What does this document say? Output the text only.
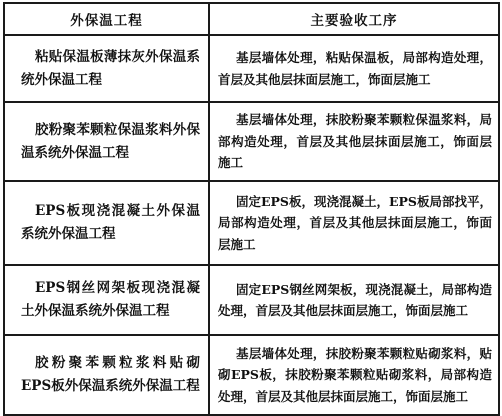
外保温工程	主要验收工序
粘贴保温板薄抹灰外保温系统外保温工程	基层墙体处理，粘贴保温板，局部构造处理，首层及其他层抹面层施工，饰面层施工
胶粉聚苯颗粒保温浆料外保温系统外保温工程	基层墙体处理，抹胶粉聚苯颗粒保温浆料，局部构造处理，首层及其他层抹面层施工，饰面层施工
EPS板现浇混凝土外保温系统外保温工程	固定EPS板，现浇混凝土，EPS板局部找平，局部构造处理，首层及其他层抹面层施工，饰面层施工
EPS钢丝网架板现浇混凝土外保温系统外保温工程	固定EPS钢丝网架板，现浇混凝土，局部构造处理，首层及其他层抹面层施工，饰面层施工
胶粉聚苯颗粒浆料贴砌EPS板外保温系统外保温工程	基层墙体处理，抹胶粉聚苯颗粒贴砌浆料，贴砌EPS板，抹胶粉聚苯颗粒贴砌浆料，局部构造处理，首层及其他层抹面层施工，饰面层施工
